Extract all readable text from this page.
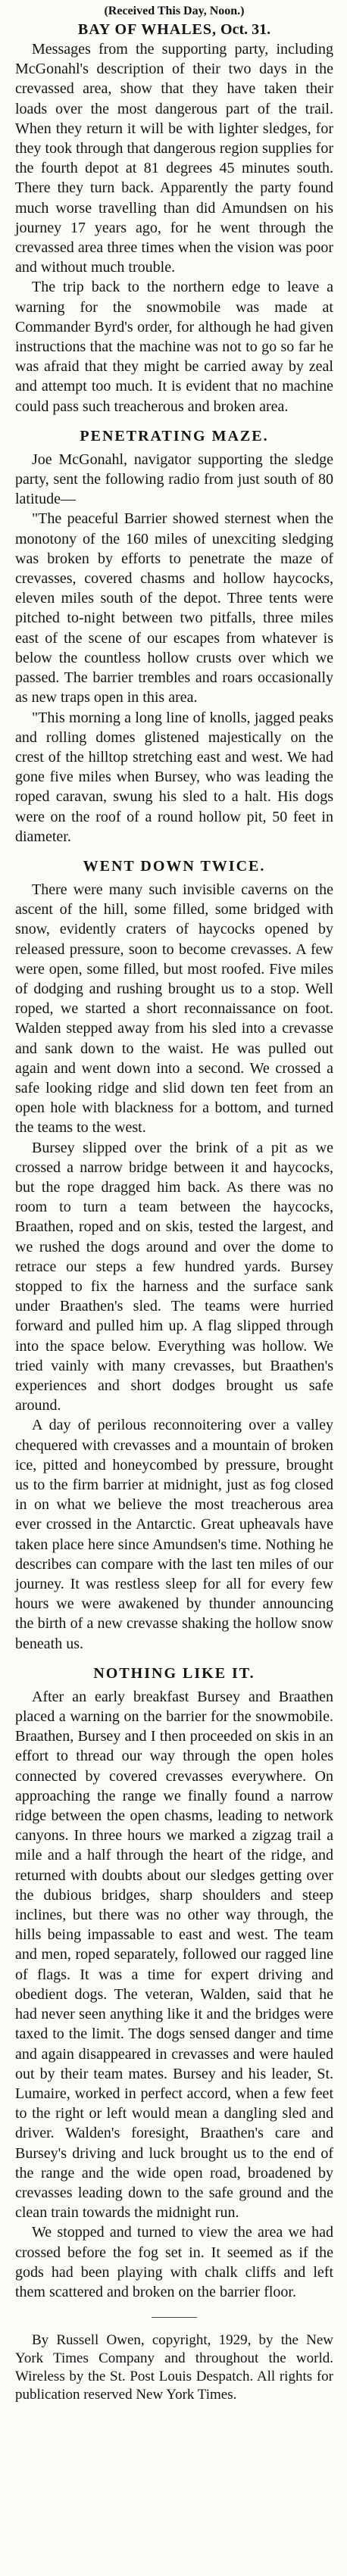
(Received This Day, Noon.)
BAY OF WHALES, Oct. 31.

Messages from the supporting party, including McGonahl's description of their two days in the crevassed area, show that they have taken their loads over the most dangerous part of the trail. When they return it will be with lighter sledges, for they took through that dangerous region supplies for the fourth depot at 81 degrees 45 minutes south. There they turn back. Apparently the party found much worse travelling than did Amundsen on his journey 17 years ago, for he went through the crevassed area three times when the vision was poor and without much trouble.

The trip back to the northern edge to leave a warning for the snowmobile was made at Commander Byrd's order, for although he had given instructions that the machine was not to go so far he was afraid that they might be carried away by zeal and attempt too much. It is evident that no machine could pass such treacherous and broken area.

PENETRATING MAZE.

Joe McGonahl, navigator supporting the sledge party, sent the following radio from just south of 80 latitude—

"The peaceful Barrier showed sternest when the monotony of the 160 miles of unexciting sledging was broken by efforts to penetrate the maze of crevasses, covered chasms and hollow haycocks, eleven miles south of the depot. Three tents were pitched to-night between two pitfalls, three miles east of the scene of our escapes from whatever is below the countless hollow crusts over which we passed. The barrier trembles and roars occasionally as new traps open in this area.

"This morning a long line of knolls, jagged peaks and rolling domes glistened majestically on the crest of the hilltop stretching east and west. We had gone five miles when Bursey, who was leading the roped caravan, swung his sled to a halt. His dogs were on the roof of a round hollow pit, 50 feet in diameter.

WENT DOWN TWICE.

There were many such invisible caverns on the ascent of the hill, some filled, some bridged with snow, evidently craters of haycocks opened by released pressure, soon to become crevasses. A few were open, some filled, but most roofed. Five miles of dodging and rushing brought us to a stop. Well roped, we started a short reconnaissance on foot. Walden stepped away from his sled into a crevasse and sank down to the waist. He was pulled out again and went down into a second. We crossed a safe looking ridge and slid down ten feet from an open hole with blackness for a bottom, and turned the teams to the west.

Bursey slipped over the brink of a pit as we crossed a narrow bridge between it and haycocks, but the rope dragged him back. As there was no room to turn a team between the haycocks, Braathen, roped and on skis, tested the largest, and we rushed the dogs around and over the dome to retrace our steps a few hundred yards. Bursey stopped to fix the harness and the surface sank under Braathen's sled. The teams were hurried forward and pulled him up. A flag slipped through into the space below. Everything was hollow. We tried vainly with many crevasses, but Braathen's experiences and short dodges brought us safe around.

A day of perilous reconnoitering over a valley chequered with crevasses and a mountain of broken ice, pitted and honeycombed by pressure, brought us to the firm barrier at midnight, just as fog closed in on what we believe the most treacherous area ever crossed in the Antarctic. Great upheavals have taken place here since Amundsen's time. Nothing he describes can compare with the last ten miles of our journey. It was restless sleep for all for every few hours we were awakened by thunder announcing the birth of a new crevasse shaking the hollow snow beneath us.

NOTHING LIKE IT.

After an early breakfast Bursey and Braathen placed a warning on the barrier for the snowmobile. Braathen, Bursey and I then proceeded on skis in an effort to thread our way through the open holes connected by covered crevasses everywhere. On approaching the range we finally found a narrow ridge between the open chasms, leading to network canyons. In three hours we marked a zigzag trail a mile and a half through the heart of the ridge, and returned with doubts about our sledges getting over the dubious bridges, sharp shoulders and steep inclines, but there was no other way through, the hills being impassable to east and west. The team and men, roped separately, followed our ragged line of flags. It was a time for expert driving and obedient dogs. The veteran, Walden, said that he had never seen anything like it and the bridges were taxed to the limit. The dogs sensed danger and time and again disappeared in crevasses and were hauled out by their team mates. Bursey and his leader, St. Lumaire, worked in perfect accord, when a few feet to the right or left would mean a dangling sled and driver. Walden's foresight, Braathen's care and Bursey's driving and luck brought us to the end of the range and the wide open road, broadened by crevasses leading down to the safe ground and the clean train towards the midnight run.

We stopped and turned to view the area we had crossed before the fog set in. It seemed as if the gods had been playing with chalk cliffs and left them scattered and broken on the barrier floor.

By Russell Owen, copyright, 1929, by the New York Times Company and throughout the world. Wireless by the St. Post Louis Despatch. All rights for publication reserved New York Times.
